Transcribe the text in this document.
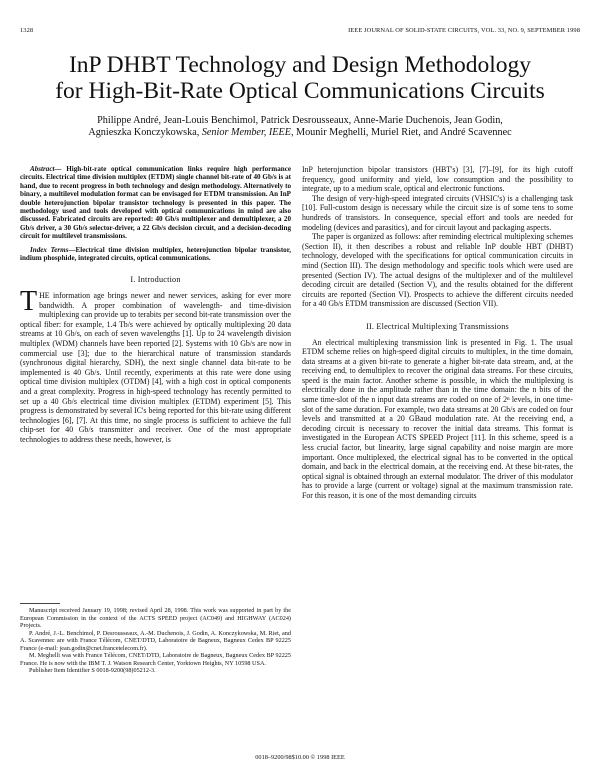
1328	IEEE JOURNAL OF SOLID-STATE CIRCUITS, VOL. 33, NO. 9, SEPTEMBER 1998
InP DHBT Technology and Design Methodology
for High-Bit-Rate Optical Communications Circuits
Philippe André, Jean-Louis Benchimol, Patrick Desrousseaux, Anne-Marie Duchenois, Jean Godin,
Agnieszka Konczykowska, Senior Member, IEEE, Mounir Meghelli, Muriel Riet, and André Scavennec

Abstract— High-bit-rate optical communication links require high performance circuits. Electrical time division multiplex (ETDM) single channel bit-rate of 40 Gb/s is at hand, due to recent progress in both technology and design methodology. Alternatively to binary, a multilevel modulation format can be envisaged for ETDM transmission. An InP double heterojunction bipolar transistor technology is presented in this paper. The methodology used and tools developed with optical communications in mind are also discussed. Fabricated circuits are reported: 40 Gb/s multiplexer and demultiplexer, a 20 Gb/s driver, a 30 Gb/s selector-driver, a 22 Gb/s decision circuit, and a decision-decoding circuit for multilevel transmissions.

Index Terms—Electrical time division multiplex, heterojunction bipolar transistor, indium phosphide, integrated circuits, optical communications.

I. Introduction

THE information age brings newer and newer services, asking for ever more bandwidth. A proper combination of wavelength- and time-division multiplexing can provide up to terabits per second bit-rate transmission over the optical fiber: for example, 1.4 Tb/s were achieved by optically multiplexing 20 data streams at 10 Gb/s, on each of seven wavelengths [1]. Up to 24 wavelength division multiplex (WDM) channels have been reported [2]. Systems with 10 Gb/s are now in commercial use [3]; due to the hierarchical nature of transmission standards (synchronous digital hierarchy, SDH), the next single channel data bit-rate to be implemented is 40 Gb/s. Until recently, experiments at this rate were done using optical time division multiplex (OTDM) [4], with a high cost in optical components and a great complexity. Progress in high-speed technology has recently permitted to set up a 40 Gb/s electrical time division multiplex (ETDM) experiment [5]. This progress is demonstrated by several IC's being reported for this bit-rate using different technologies [6], [7]. At this time, no single process is sufficient to achieve the full chip-set for 40 Gb/s transmitter and receiver. One of the most appropriate technologies to address these needs, however, is

Manuscript received January 19, 1998; revised April 28, 1998. This work was supported in part by the European Commission in the context of the ACTS SPEED project (AC049) and HIGHWAY (AC024) Projects.

P. André, J.-L. Benchimol, P. Desrousseaux, A.-M. Duchenois, J. Godin, A. Konczykowska, M. Riet, and A. Scavennec are with France Télécom, CNET/DTD, Laboratoire de Bagneux, Bagneux Cedex BP 92225 France (e-mail: jean.godin@cnet.francetelecom.fr).

M. Meghelli was with France Télécom, CNET/DTD, Laboratoire de Bagneux, Bagneux Cedex BP 92225 France. He is now with the IBM T. J. Watson Research Center, Yorktown Heights, NY 10598 USA.

Publisher Item Identifier S 0018-9200(98)05212-3.

InP heterojunction bipolar transistors (HBT's) [3], [7]–[9], for its high cutoff frequency, good uniformity and yield, low consumption and the possibility to integrate, up to a medium scale, optical and electronic functions.

The design of very-high-speed integrated circuits (VHSIC's) is a challenging task [10]. Full-custom design is necessary while the circuit size is of some tens to some hundreds of transistors. In consequence, special effort and tools are needed for modeling (devices and parasitics), and for circuit layout and packaging aspects.

The paper is organized as follows: after reminding electrical multiplexing schemes (Section II), it then describes a robust and reliable InP double HBT (DHBT) technology, developed with the specifications for optical communication circuits in mind (Section III). The design methodology and specific tools which were used are presented (Section IV). The actual designs of the multiplexer and of the multilevel decoding circuit are detailed (Section V), and the results obtained for the different circuits are reported (Section VI). Prospects to achieve the different circuits needed for a 40 Gb/s ETDM transmission are discussed (Section VII).

II. Electrical Multiplexing Transmissions

An electrical multiplexing transmission link is presented in Fig. 1. The usual ETDM scheme relies on high-speed digital circuits to multiplex, in the time domain, data streams at a given bit-rate to generate a higher bit-rate data stream, and, at the receiving end, to demultiplex to recover the original data streams. For these circuits, speed is the main factor. Another scheme is possible, in which the multiplexing is electrically done in the amplitude rather than in the time domain: the n bits of the same time-slot of the n input data streams are coded on one of 2ⁿ levels, in one time-slot of the same duration. For example, two data streams at 20 Gb/s are coded on four levels and transmitted at a 20 GBaud modulation rate. At the receiving end, a decoding circuit is necessary to recover the initial data streams. This format is investigated in the European ACTS SPEED Project [11]. In this scheme, speed is a less crucial factor, but linearity, large signal capability and noise margin are more important. Once multiplexed, the electrical signal has to be converted in the optical domain, and back in the electrical domain, at the receiving end. At these bit-rates, the optical signal is obtained through an external modulator. The driver of this modulator has to provide a large (current or voltage) signal at the maximum transmission rate. For this reason, it is one of the most demanding circuits

0018–9200/98$10.00 © 1998 IEEE
